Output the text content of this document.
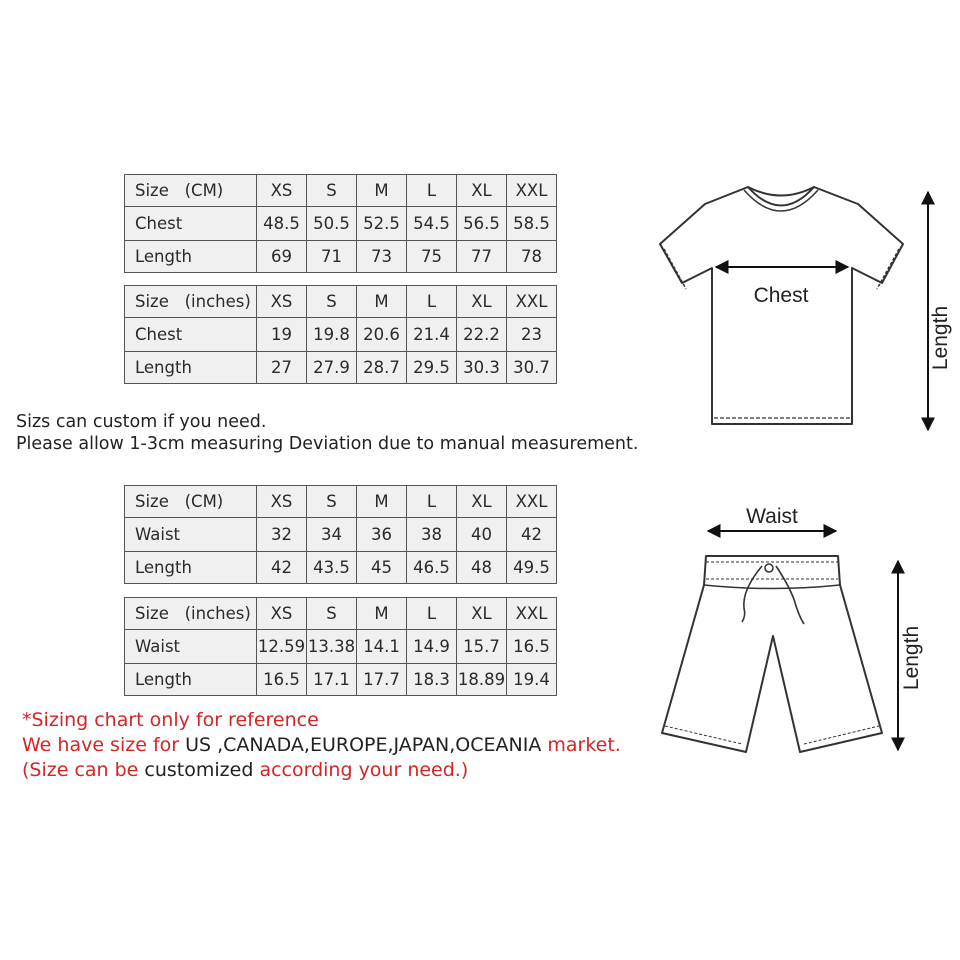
Size   (CM)	XS	S	M	L	XL	XXL
Chest	48.5	50.5	52.5	54.5	56.5	58.5
Length	69	71	73	75	77	78
Size   (inches)	XS	S	M	L	XL	XXL
Chest	19	19.8	20.6	21.4	22.2	23
Length	27	27.9	28.7	29.5	30.3	30.7

Sizs can custom if you need.

Please allow 1-3cm measuring Deviation due to manual measurement.

Size   (CM)	XS	S	M	L	XL	XXL
Waist	32	34	36	38	40	42
Length	42	43.5	45	46.5	48	49.5
Size   (inches)	XS	S	M	L	XL	XXL
Waist	12.59	13.38	14.1	14.9	15.7	16.5
Length	16.5	17.1	17.7	18.3	18.89	19.4
*Sizing chart only for reference
We have size for US ,CANADA,EUROPE,JAPAN,OCEANIA market.
(Size can be customized according your need.)
Chest
Length
Waist
Length
